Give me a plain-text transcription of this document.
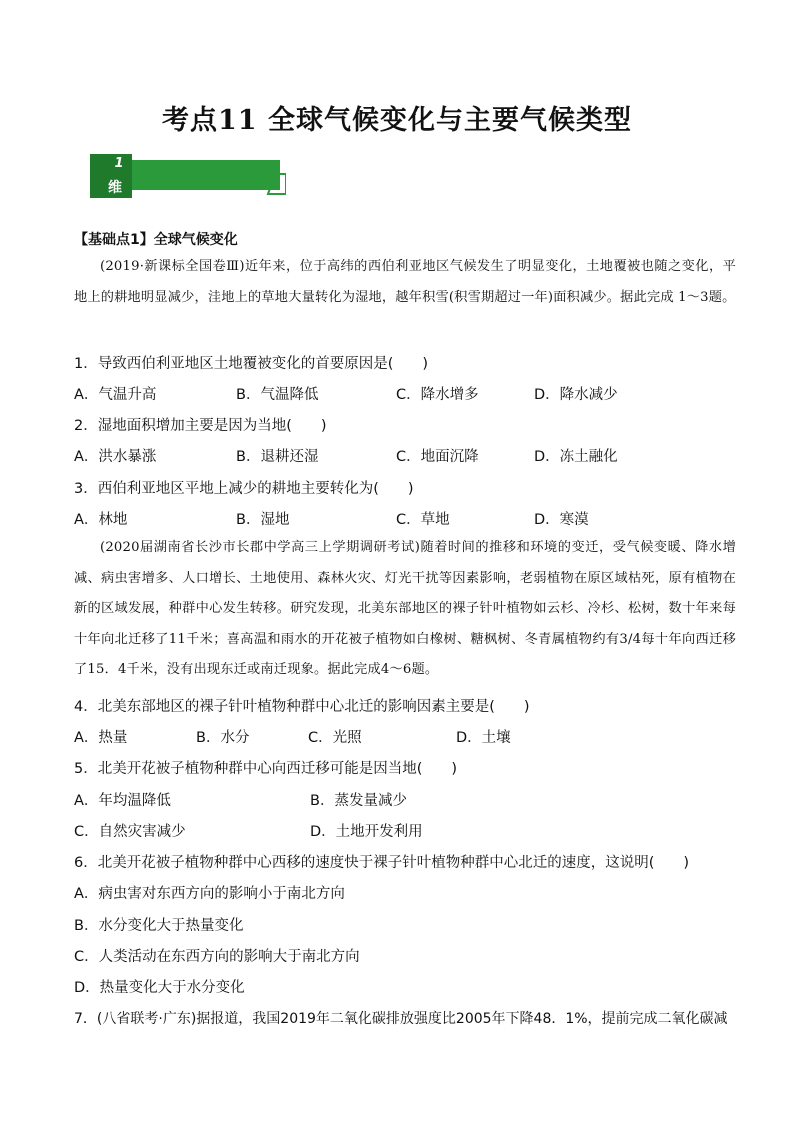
考点11 全球气候变化与主要气候类型
1
维 夯实基础练
【基础点1】全球气候变化
(2019·新课标全国卷Ⅲ)近年来，位于高纬的西伯利亚地区气候发生了明显变化，土地覆被也随之变化，平地上的耕地明显减少，洼地上的草地大量转化为湿地，越年积雪(积雪期超过一年)面积减少。据此完成 1～3题。
1．导致西伯利亚地区土地覆被变化的首要原因是(　　)
A．气温升高	B．气温降低	C．降水增多	D．降水减少
2．湿地面积增加主要是因为当地(　　)
A．洪水暴涨	B．退耕还湿	C．地面沉降	D．冻土融化
3．西伯利亚地区平地上减少的耕地主要转化为(　　)
A．林地	B．湿地	C．草地	D．寒漠
(2020届湖南省长沙市长郡中学高三上学期调研考试)随着时间的推移和环境的变迁，受气候变暖、降水增减、病虫害增多、人口增长、土地使用、森林火灾、灯光干扰等因素影响，老弱植物在原区域枯死，原有植物在新的区域发展，种群中心发生转移。研究发现，北美东部地区的裸子针叶植物如云杉、冷杉、松树，数十年来每十年向北迁移了11千米；喜高温和雨水的开花被子植物如白橡树、糖枫树、冬青属植物约有3/4每十年向西迁移了15．4千米，没有出现东迁或南迁现象。据此完成4～6题。
4．北美东部地区的裸子针叶植物种群中心北迁的影响因素主要是(　　)
A．热量	B．水分	C．光照	D．土壤
5．北美开花被子植物种群中心向西迁移可能是因当地(　　)
A．年均温降低	B．蒸发量减少
C．自然灾害减少	D．土地开发利用
6．北美开花被子植物种群中心西移的速度快于裸子针叶植物种群中心北迁的速度，这说明(　　)
A．病虫害对东西方向的影响小于南北方向
B．水分变化大于热量变化
C．人类活动在东西方向的影响大于南北方向
D．热量变化大于水分变化
7．(八省联考·广东)据报道，我国2019年二氧化碳排放强度比2005年下降48．1%，提前完成二氧化碳减
